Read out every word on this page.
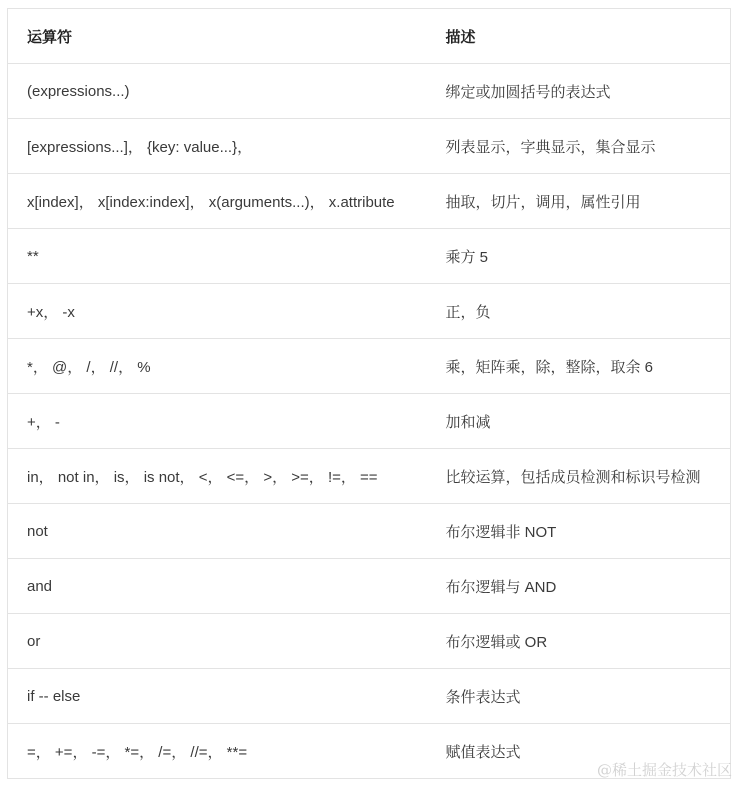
运算符	描述
(expressions...)	绑定或加圆括号的表达式
[expressions...]， {key: value...}，	列表显示，字典显示，集合显示
x[index]， x[index:index]， x(arguments...)， x.attribute	抽取，切片，调用，属性引用
**	乘方 5
+x， -x	正，负
*， @， /， //， %	乘，矩阵乘，除，整除，取余 6
+， -	加和减
in， not in， is， is not， <， <=， >， >=， !=， ==	比较运算，包括成员检测和标识号检测
not	布尔逻辑非 NOT
and	布尔逻辑与 AND
or	布尔逻辑或 OR
if -- else	条件表达式
=， +=， -=， *=， /=， //=， **=	赋值表达式
@稀土掘金技术社区
